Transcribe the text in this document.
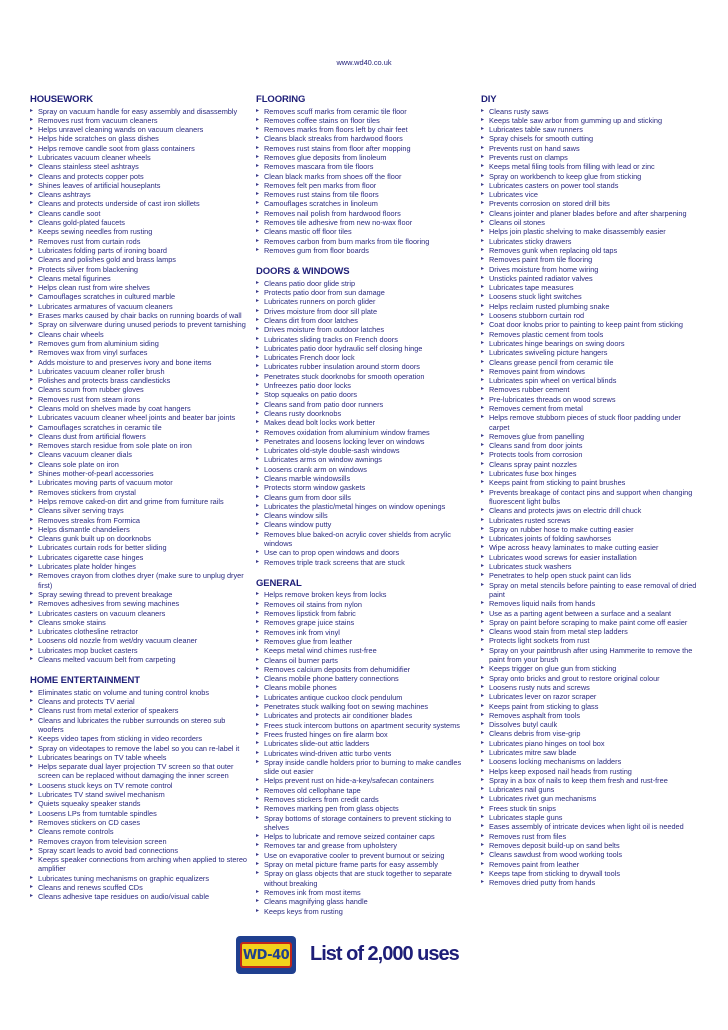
www.wd40.co.uk
HOUSEWORK
▸ Spray on vacuum handle for easy assembly and disassembly
▸ Removes rust from vacuum cleaners
▸ Helps unravel cleaning wands on vacuum cleaners
▸ Helps hide scratches on glass dishes
▸ Helps remove candle soot from glass containers
▸ Lubricates vacuum cleaner wheels
▸ Cleans stainless steel ashtrays
▸ Cleans and protects copper pots
▸ Shines leaves of artificial houseplants
▸ Cleans ashtrays
▸ Cleans and protects underside of cast iron skillets
▸ Cleans candle soot
▸ Cleans gold-plated faucets
▸ Keeps sewing needles from rusting
▸ Removes rust from curtain rods
▸ Lubricates folding parts of ironing board
▸ Cleans and polishes gold and brass lamps
▸ Protects silver from blackening
▸ Cleans metal figurines
▸ Helps clean rust from wire shelves
▸ Camouflages scratches in cultured marble
▸ Lubricates armatures of vacuum cleaners
▸ Erases marks caused by chair backs on running boards of wall
▸ Spray on silverware during unused periods to prevent tarnishing
▸ Cleans chair wheels
▸ Removes gum from aluminium siding
▸ Removes wax from vinyl surfaces
▸ Adds moisture to and preserves ivory and bone items
▸ Lubricates vacuum cleaner roller brush
▸ Polishes and protects brass candlesticks
▸ Cleans scum from rubber gloves
▸ Removes rust from steam irons
▸ Cleans mold on shelves made by coat hangers
▸ Lubricates vacuum cleaner wheel joints and beater bar joints
▸ Camouflages scratches in ceramic tile
▸ Cleans dust from artificial flowers
▸ Removes starch residue from sole plate on iron
▸ Cleans vacuum cleaner dials
▸ Cleans sole plate on iron
▸ Shines mother-of-pearl accessories
▸ Lubricates moving parts of vacuum motor
▸ Removes stickers from crystal
▸ Helps remove caked-on dirt and grime from furniture rails
▸ Cleans silver serving trays
▸ Removes streaks from Formica
▸ Helps dismantle chandeliers
▸ Cleans gunk built up on doorknobs
▸ Lubricates curtain rods for better sliding
▸ Lubricates cigarette case hinges
▸ Lubricates plate holder hinges
▸ Removes crayon from clothes dryer (make sure to unplug dryer first)
▸ Spray sewing thread to prevent breakage
▸ Removes adhesives from sewing machines
▸ Lubricates casters on vacuum cleaners
▸ Cleans smoke stains
▸ Lubricates clothesline retractor
▸ Loosens old nozzle from wet/dry vacuum cleaner
▸ Lubricates mop bucket casters
▸ Cleans melted vacuum belt from carpeting
HOME ENTERTAINMENT
▸ Eliminates static on volume and tuning control knobs
▸ Cleans and protects TV aerial
▸ Cleans rust from metal exterior of speakers
▸ Cleans and lubricates the rubber surrounds on stereo sub woofers
▸ Keeps video tapes from sticking in video recorders
▸ Spray on videotapes to remove the label so you can re-label it
▸ Lubricates bearings on TV table wheels
▸ Helps separate dual layer projection TV screen so that outer screen can be replaced without damaging the inner screen
▸ Loosens stuck keys on TV remote control
▸ Lubricates TV stand swivel mechanism
▸ Quiets squeaky speaker stands
▸ Loosens LPs from turntable spindles
▸ Removes stickers on CD cases
▸ Cleans remote controls
▸ Removes crayon from television screen
▸ Spray scart leads to avoid bad connections
▸ Keeps speaker connections from arching when applied to stereo amplifier
▸ Lubricates tuning mechanisms on graphic equalizers
▸ Cleans and renews scuffed CDs
▸ Cleans adhesive tape residues on audio/visual cable
FLOORING
▸ Removes scuff marks from ceramic tile floor
▸ Removes coffee stains on floor tiles
▸ Removes marks from floors left by chair feet
▸ Cleans black streaks from hardwood floors
▸ Removes rust stains from floor after mopping
▸ Removes glue deposits from linoleum
▸ Removes mascara from tile floors
▸ Clean black marks from shoes off the floor
▸ Removes felt pen marks from floor
▸ Removes rust stains from tile floors
▸ Camouflages scratches in linoleum
▸ Removes nail polish from hardwood floors
▸ Removes tile adhesive from new no-wax floor
▸ Cleans mastic off floor tiles
▸ Removes carbon from burn marks from tile flooring
▸ Removes gum from floor boards
DOORS & WINDOWS
▸ Cleans patio door glide strip
▸ Protects patio door from sun damage
▸ Lubricates runners on porch glider
▸ Drives moisture from door sill plate
▸ Cleans dirt from door latches
▸ Drives moisture from outdoor latches
▸ Lubricates sliding tracks on French doors
▸ Lubricates patio door hydraulic self closing hinge
▸ Lubricates French door lock
▸ Lubricates rubber insulation around storm doors
▸ Penetrates stuck doorknobs for smooth operation
▸ Unfreezes patio door locks
▸ Stop squeaks on patio doors
▸ Cleans sand from patio door runners
▸ Cleans rusty doorknobs
▸ Makes dead bolt locks work better
▸ Removes oxidation from aluminium window frames
▸ Penetrates and loosens locking lever on windows
▸ Lubricates old-style double-sash windows
▸ Lubricates arms on window awnings
▸ Loosens crank arm on windows
▸ Cleans marble windowsills
▸ Protects storm window gaskets
▸ Cleans gum from door sills
▸ Lubricates the plastic/metal hinges on window openings
▸ Cleans window sills
▸ Cleans window putty
▸ Removes blue baked-on acrylic cover shields from acrylic windows
▸ Use can to prop open windows and doors
▸ Removes triple track screens that are stuck
GENERAL
▸ Helps remove broken keys from locks
▸ Removes oil stains from nylon
▸ Removes lipstick from fabric
▸ Removes grape juice stains
▸ Removes ink from vinyl
▸ Removes glue from leather
▸ Keeps metal wind chimes rust-free
▸ Cleans oil burner parts
▸ Removes calcium deposits from dehumidifier
▸ Cleans mobile phone battery connections
▸ Cleans mobile phones
▸ Lubricates antique cuckoo clock pendulum
▸ Penetrates stuck walking foot on sewing machines
▸ Lubricates and protects air conditioner blades
▸ Frees stuck intercom buttons on apartment security systems
▸ Frees frusted hinges on fire alarm box
▸ Lubricates slide-out attic ladders
▸ Lubricates wind-driven attic turbo vents
▸ Spray inside candle holders prior to burning to make candles slide out easier
▸ Helps prevent rust on hide-a-key/safecan containers
▸ Removes old cellophane tape
▸ Removes stickers from credit cards
▸ Removes marking pen from glass objects
▸ Spray bottoms of storage containers to prevent sticking to shelves
▸ Helps to lubricate and remove seized container caps
▸ Removes tar and grease from upholstery
▸ Use on evaporative cooler to prevent burnout or seizing
▸ Spray on metal picture frame parts for easy assembly
▸ Spray on glass objects that are stuck together to separate without breaking
▸ Removes ink from most items
▸ Cleans magnifying glass handle
▸ Keeps keys from rusting
DIY
▸ Cleans rusty saws
▸ Keeps table saw arbor from gumming up and sticking
▸ Lubricates table saw runners
▸ Spray chisels for smooth cutting
▸ Prevents rust on hand saws
▸ Prevents rust on clamps
▸ Keeps metal filing tools from filling with lead or zinc
▸ Spray on workbench to keep glue from sticking
▸ Lubricates casters on power tool stands
▸ Lubricates vice
▸ Prevents corrosion on stored drill bits
▸ Cleans jointer and planer blades before and after sharpening
▸ Cleans oil stones
▸ Helps join plastic shelving to make disassembly easier
▸ Lubricates sticky drawers
▸ Removes gunk when replacing old taps
▸ Removes paint from tile flooring
▸ Drives moisture from home wiring
▸ Unsticks painted radiator valves
▸ Lubricates tape measures
▸ Loosens stuck light switches
▸ Helps reclaim rusted plumbing snake
▸ Loosens stubborn curtain rod
▸ Coat door knobs prior to painting to keep paint from sticking
▸ Removes plastic cement from tools
▸ Lubricates hinge bearings on swing doors
▸ Lubricates swiveling picture hangers
▸ Cleans grease pencil from ceramic tile
▸ Removes paint from windows
▸ Lubricates spin wheel on vertical blinds
▸ Removes rubber cement
▸ Pre-lubricates threads on wood screws
▸ Removes cement from metal
▸ Helps remove stubborn pieces of stuck floor padding under carpet
▸ Removes glue from panelling
▸ Cleans sand from door joints
▸ Protects tools from corrosion
▸ Cleans spray paint nozzles
▸ Lubricates fuse box hinges
▸ Keeps paint from sticking to paint brushes
▸ Prevents breakage of contact pins and support when changing fluorescent light bulbs
▸ Cleans and protects jaws on electric drill chuck
▸ Lubricates rusted screws
▸ Spray on rubber hose to make cutting easier
▸ Lubricates joints of folding sawhorses
▸ Wipe across heavy laminates to make cutting easier
▸ Lubricates wood screws for easier installation
▸ Lubricates stuck washers
▸ Penetrates to help open stuck paint can lids
▸ Spray on metal stencils before painting to ease removal of dried paint
▸ Removes liquid nails from hands
▸ Use as a parting agent between a surface and a sealant
▸ Spray on paint before scraping to make paint come off easier
▸ Cleans wood stain from metal step ladders
▸ Protects light sockets from rust
▸ Spray on your paintbrush after using Hammerite to remove the paint from your brush
▸ Keeps trigger on glue gun from sticking
▸ Spray onto bricks and grout to restore original colour
▸ Loosens rusty nuts and screws
▸ Lubricates lever on razor scraper
▸ Keeps paint from sticking to glass
▸ Removes asphalt from tools
▸ Dissolves butyl caulk
▸ Cleans debris from vise-grip
▸ Lubricates piano hinges on tool box
▸ Lubricates mitre saw blade
▸ Loosens locking mechanisms on ladders
▸ Helps keep exposed nail heads from rusting
▸ Spray in a box of nails to keep them fresh and rust-free
▸ Lubricates nail guns
▸ Lubricates rivet gun mechanisms
▸ Frees stuck tin snips
▸ Lubricates staple guns
▸ Eases assembly of intricate devices when light oil is needed
▸ Removes rust from files
▸ Removes deposit build-up on sand belts
▸ Cleans sawdust from wood working tools
▸ Removes paint from leather
▸ Keeps tape from sticking to drywall tools
▸ Removes dried putty from hands
WD-40 List of 2,000 uses
